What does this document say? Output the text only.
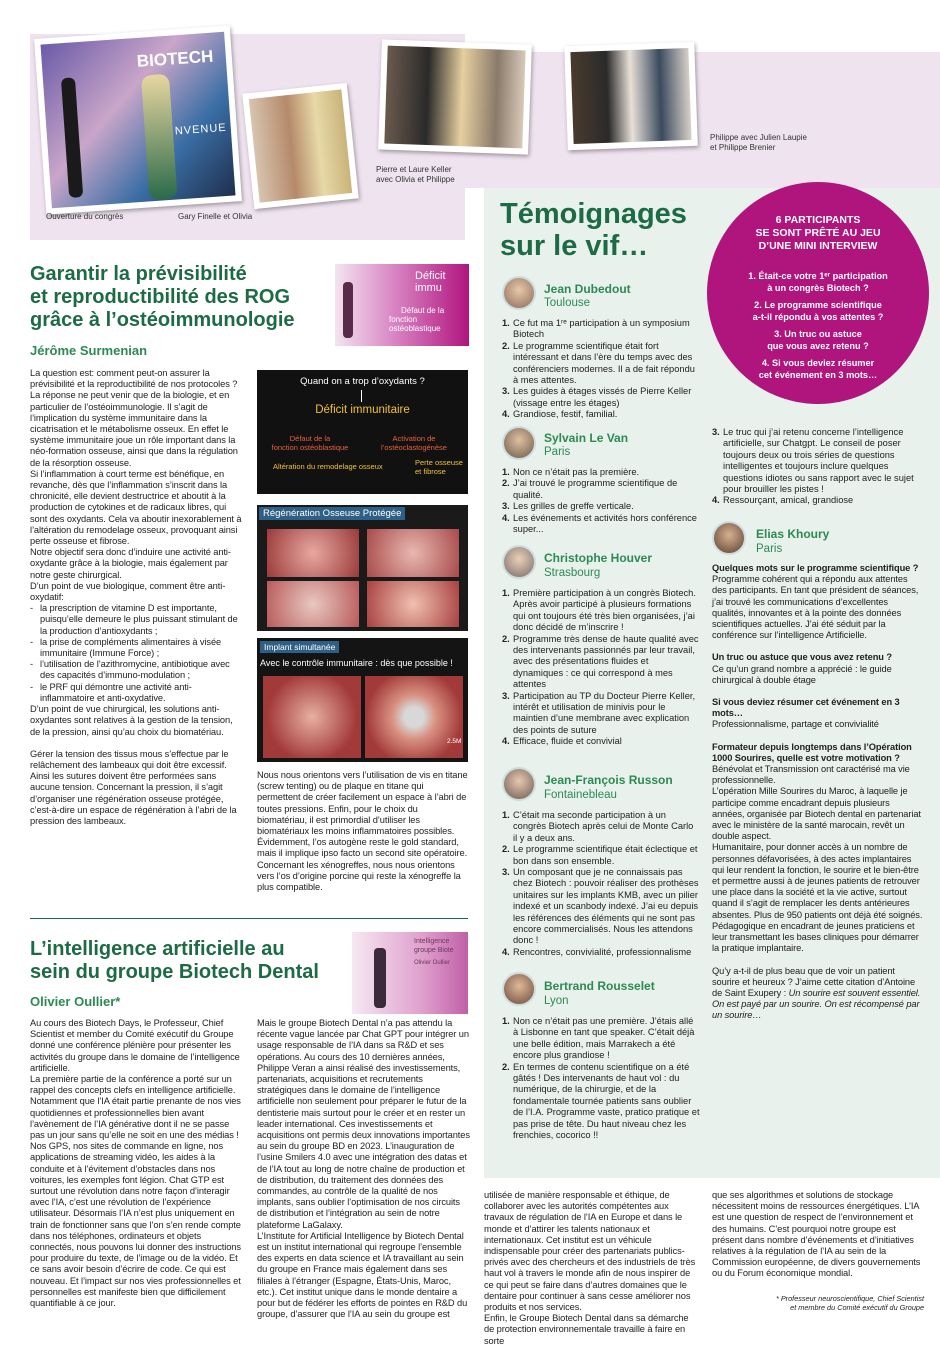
BIOTECH
NVENUE
Ouverture du congrès	Gary Finelle et Olivia
Pierre et Laure Keller
avec Olivia et Philippe
Philippe avec Julien Laupie
et Philippe Brenier
Garantir la prévisibilité
et reproductibilité des ROG
grâce à l’ostéoimmunologie
Jérôme Surmenian
Déficit immu
Défaut de la
fonction ostéoblastique

La question est: comment peut-on assurer la prévisibilité et la reproductibilité de nos protocoles ?

La réponse ne peut venir que de la biologie, et en particulier de l’ostéoimmunologie. Il s’agit de l’implication du système immunitaire dans la cicatrisation et le métabolisme osseux. En effet le système immunitaire joue un rôle important dans la néo-formation osseuse, ainsi que dans la régulation de la résorption osseuse.

Si l’inflammation à court terme est bénéfique, en revanche, dès que l’inflammation s’inscrit dans la chronicité, elle devient destructrice et aboutit à la production de cytokines et de radicaux libres, qui sont des oxydants. Cela va aboutir inexorablement à l’altération du remodelage osseux, provoquant ainsi perte osseuse et fibrose.

Notre objectif sera donc d’induire une activité anti-oxydante grâce à la biologie, mais également par notre geste chirurgical.

D’un point de vue biologique, comment être anti-oxydatif:

- la prescription de vitamine D est importante, puisqu’elle demeure le plus puissant stimulant de la production d’antioxydants ;
- la prise de compléments alimentaires à visée immunitaire (Immune Force) ;
- l’utilisation de l’azithromycine, antibiotique avec des capacités d’immuno-modulation ;
- le PRF qui démontre une activité anti-inflammatoire et anti-oxydative.

D’un point de vue chirurgical, les solutions anti-oxydantes sont relatives à la gestion de la tension, de la pression, ainsi qu’au choix du biomatériau.

Gérer la tension des tissus mous s’effectue par le relâchement des lambeaux qui doit être excessif. Ainsi les sutures doivent être performées sans aucune tension. Concernant la pression, il s’agit d’organiser une régénération osseuse protégée, c’est-à-dire un espace de régénération à l’abri de la pression des lambeaux.

Quand on a trop d’oxydants ?
Déficit immunitaire
Défaut de la
fonction ostéoblastique
Activation de
l’ostéoclastogénèse
Altération du remodelage osseux	Perte osseuse
et fibrose
Régénération Osseuse Protégée
Implant simultanée
Avec le contrôle immunitaire : dès que possible !
2.5M
Nous nous orientons vers l’utilisation de vis en titane (screw tenting) ou de plaque en titane qui permettent de créer facilement un espace à l’abri de toutes pressions. Enfin, pour le choix du biomatériau, il est primordial d’utiliser les biomatériaux les moins inflammatoires possibles. Évidemment, l’os autogène reste le gold standard, mais il implique ipso facto un second site opératoire. Concernant les xénogreffes, nous nous orientons vers l’os d’origine porcine qui reste la xénogreffe la plus compatible.
L’intelligence artificielle au
sein du groupe Biotech Dental
Olivier Oullier*
Intelligence
groupe Biote
Olivier Oullier

Au cours des Biotech Days, le Professeur, Chief Scientist et member du Comité exécutif du Groupe donné une conférence plénière pour présenter les activités du groupe dans le domaine de l’intelligence artificielle.

La première partie de la conférence a porté sur un rappel des concepts clefs en intelligence artificielle. Notamment que l’IA était partie prenante de nos vies quotidiennes et professionnelles bien avant l’avènement de l’IA générative dont il ne se passe pas un jour sans qu’elle ne soit en une des médias !

Nos GPS, nos sites de commande en ligne, nos applications de streaming vidéo, les aides à la conduite et à l’évitement d’obstacles dans nos voitures, les exemples font légion. Chat GTP est surtout une révolution dans notre façon d’interagir avec l’IA, c’est une révolution de l’expérience utilisateur. Désormais l’IA n’est plus uniquement en train de fonctionner sans que l’on s’en rende compte dans nos téléphones, ordinateurs et objets connectés, nous pouvons lui donner des instructions pour produire du texte, de l’image ou de la vidéo. Et ce sans avoir besoin d’écrire de code. Ce qui est nouveau. Et l’impact sur nos vies professionnelles et personnelles est manifeste bien que difficilement quantifiable à ce jour.

Mais le groupe Biotech Dental n’a pas attendu la récente vague lancée par Chat GPT pour intégrer un usage responsable de l’IA dans sa R&D et ses opérations. Au cours des 10 dernières années, Philippe Veran a ainsi réalisé des investissements, partenariats, acquisitions et recrutements stratégiques dans le domaine de l’intelligence artificielle non seulement pour préparer le futur de la dentisterie mais surtout pour le créer et en rester un leader international. Ces investissements et acquisitions ont permis deux innovations importantes au sein du groupe BD en 2023. L’inauguration de l’usine Smilers 4.0 avec une intégration des datas et de l’IA tout au long de notre chaîne de production et de distribution, du traitement des données des commandes, au contrôle de la qualité de nos implants, sans oublier l’optimisation de nos circuits de distribution et l’intégration au sein de notre plateforme LaGalaxy.

L’Institute for Artificial Intelligence by Biotech Dental est un institut international qui regroupe l’ensemble des experts en data science et IA travaillant au sein du groupe en France mais également dans ses filiales à l’étranger (Espagne, États-Unis, Maroc, etc.). Cet institut unique dans le monde dentaire a pour but de fédérer les efforts de pointes en R&D du groupe, d’assurer que l’IA au sein du groupe est

utilisée de manière responsable et éthique, de collaborer avec les autorités compétentes aux travaux de régulation de l’IA en Europe et dans le monde et d’attirer les talents nationaux et internationaux. Cet institut est un véhicule indispensable pour créer des partenariats publics-privés avec des chercheurs et des industriels de très haut vol à travers le monde afin de nous inspirer de ce qui peut se faire dans d’autres domaines que le dentaire pour continuer à sans cesse améliorer nos produits et nos services.
Enfin, le Groupe Biotech Dental dans sa démarche de protection environnementale travaille à faire en sorte
que ses algorithmes et solutions de stockage nécessitent moins de ressources énergétiques. L’IA est une question de respect de l’environnement et des humains. C’est pourquoi notre groupe est présent dans nombre d’événements et d’initiatives relatives à la régulation de l’IA au sein de la Commission européenne, de divers gouvernements ou du Forum économique mondial.
* Professeur neuroscientifique, Chief Scientist
et membre du Comité exécutif du Groupe
Témoignages
sur le vif…
6 PARTICIPANTS
SE SONT PRÊTÉ AU JEU
D’UNE MINI INTERVIEW
1. Était-ce votre 1ᵉʳ participation
à un congrès Biotech ?
2. Le programme scientifique
a-t-il répondu à vos attentes ?
3. Un truc ou astuce
que vous avez retenu ?
4. Si vous deviez résumer
cet événement en 3 mots…
Jean Dubedout
Toulouse
1. Ce fut ma 1ʳᵉ participation à un symposium Biotech
2. Le programme scientifique était fort intéressant et dans l’ère du temps avec des conférenciers modernes. Il a de fait répondu à mes attentes.
3. Les guides à étages vissés de Pierre Keller (vissage entre les étages)
4. Grandiose, festif, familial.
Sylvain Le Van
Paris
1. Non ce n’était pas la première.
2. J’ai trouvé le programme scientifique de qualité.
3. Les grilles de greffe verticale.
4. Les événements et activités hors conférence super...
Christophe Houver
Strasbourg
1. Première participation à un congrès Biotech. Après avoir participé à plusieurs formations qui ont toujours été très bien organisées, j’ai donc décidé de m’inscrire !
2. Programme très dense de haute qualité avec des intervenants passionnés par leur travail, avec des présentations fluides et dynamiques : ce qui correspond à mes attentes
3. Participation au TP du Docteur Pierre Keller, intérêt et utilisation de minivis pour le maintien d’une membrane avec explication des points de suture
4. Efficace, fluide et convivial
Jean-François Russon
Fontainebleau
1. C’était ma seconde participation à un congrès Biotech après celui de Monte Carlo il y a deux ans.
2. Le programme scientifique était éclectique et bon dans son ensemble.
3. Un composant que je ne connaissais pas chez Biotech : pouvoir réaliser des prothèses unitaires sur les implants KMB, avec un pilier indexé et un scanbody indexé. J’ai eu depuis les références des éléments qui ne sont pas encore commercialisés. Nous les attendons donc !
4. Rencontres, convivialité, professionnalisme
Bertrand Rousselet
Lyon
1. Non ce n’était pas une première. J’étais allé à Lisbonne en tant que speaker. C’était déjà une belle édition, mais Marrakech a été encore plus grandiose !
2. En termes de contenu scientifique on a été gâtés ! Des intervenants de haut vol : du numérique, de la chirurgie, et de la fondamentale tournée patients sans oublier de l’I.A. Programme vaste, pratico pratique et pas prise de tête. Du haut niveau chez les frenchies, cocorico !!
3. Le truc qui j’ai retenu concerne l’intelligence artificielle, sur Chatgpt. Le conseil de poser toujours deux ou trois séries de questions intelligentes et toujours inclure quelques questions idiotes ou sans rapport avec le sujet pour brouiller les pistes !
4. Ressourçant, amical, grandiose
Elias Khoury
Paris

Quelques mots sur le programme scientifique ?

Programme cohérent qui a répondu aux attentes des participants. En tant que président de séances, j’ai trouvé les communications d’excellentes qualités, innovantes et à la pointe des données scientifiques actuelles. J’ai été séduit par la conférence sur l’intelligence Artificielle.

Un truc ou astuce que vous avez retenu ?

Ce qu’un grand nombre a apprécié : le guide chirurgical à double étage

Si vous deviez résumer cet événement en 3 mots…

Professionnalisme, partage et convivialité

Formateur depuis longtemps dans l’Opération 1000 Sourires, quelle est votre motivation ?

Bénévolat et Transmission ont caractérisé ma vie professionnelle.
L’opération Mille Sourires du Maroc, à laquelle je participe comme encadrant depuis plusieurs années, organisée par Biotech dental en partenariat avec le ministère de la santé marocain, revêt un double aspect.
Humanitaire, pour donner accès à un nombre de personnes défavorisées, à des actes implantaires qui leur rendent la fonction, le sourire et le bien-être et permettre aussi à de jeunes patients de retrouver une place dans la société et la vie active, surtout quand il s’agit de remplacer les dents antérieures absentes. Plus de 950 patients ont déjà été soignés.
Pédagogique en encadrant de jeunes praticiens et leur transmettant les bases cliniques pour démarrer la pratique implantaire.

Qu’y a-t-il de plus beau que de voir un patient sourire et heureux ? J’aime cette citation d’Antoine de Saint Exupery : Un sourire est souvent essentiel. On est payé par un sourire. On est récompensé par un sourire…
